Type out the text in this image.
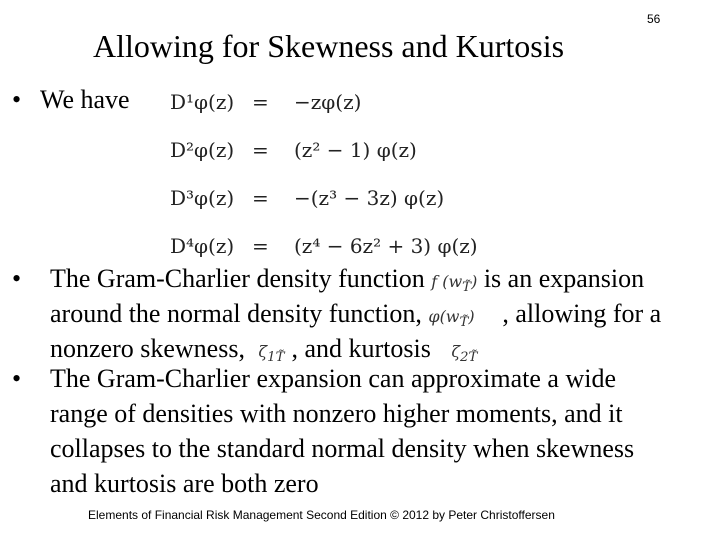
Allowing for Skewness and Kurtosis
56
• We have D¹φ(z) = −zφ(z)
D²φ(z) = (z² − 1) φ(z)
D³φ(z) = −(z³ − 3z) φ(z)
D⁴φ(z) = (z⁴ − 6z² + 3) φ(z)
• The Gram-Charlier density function f $(w_{T̃})$ is an expansion
around the normal density function, $\varphi(w_{T̃})$ , allowing for a
nonzero skewness, $\zeta_{1T̃}$ , and kurtosis $\zeta_{2T̃}$
• The Gram-Charlier expansion can approximate a wide
range of densities with nonzero higher moments, and it
collapses to the standard normal density when skewness
and kurtosis are both zero
Elements of Financial Risk Management Second Edition © 2012 by Peter Christoffersen
